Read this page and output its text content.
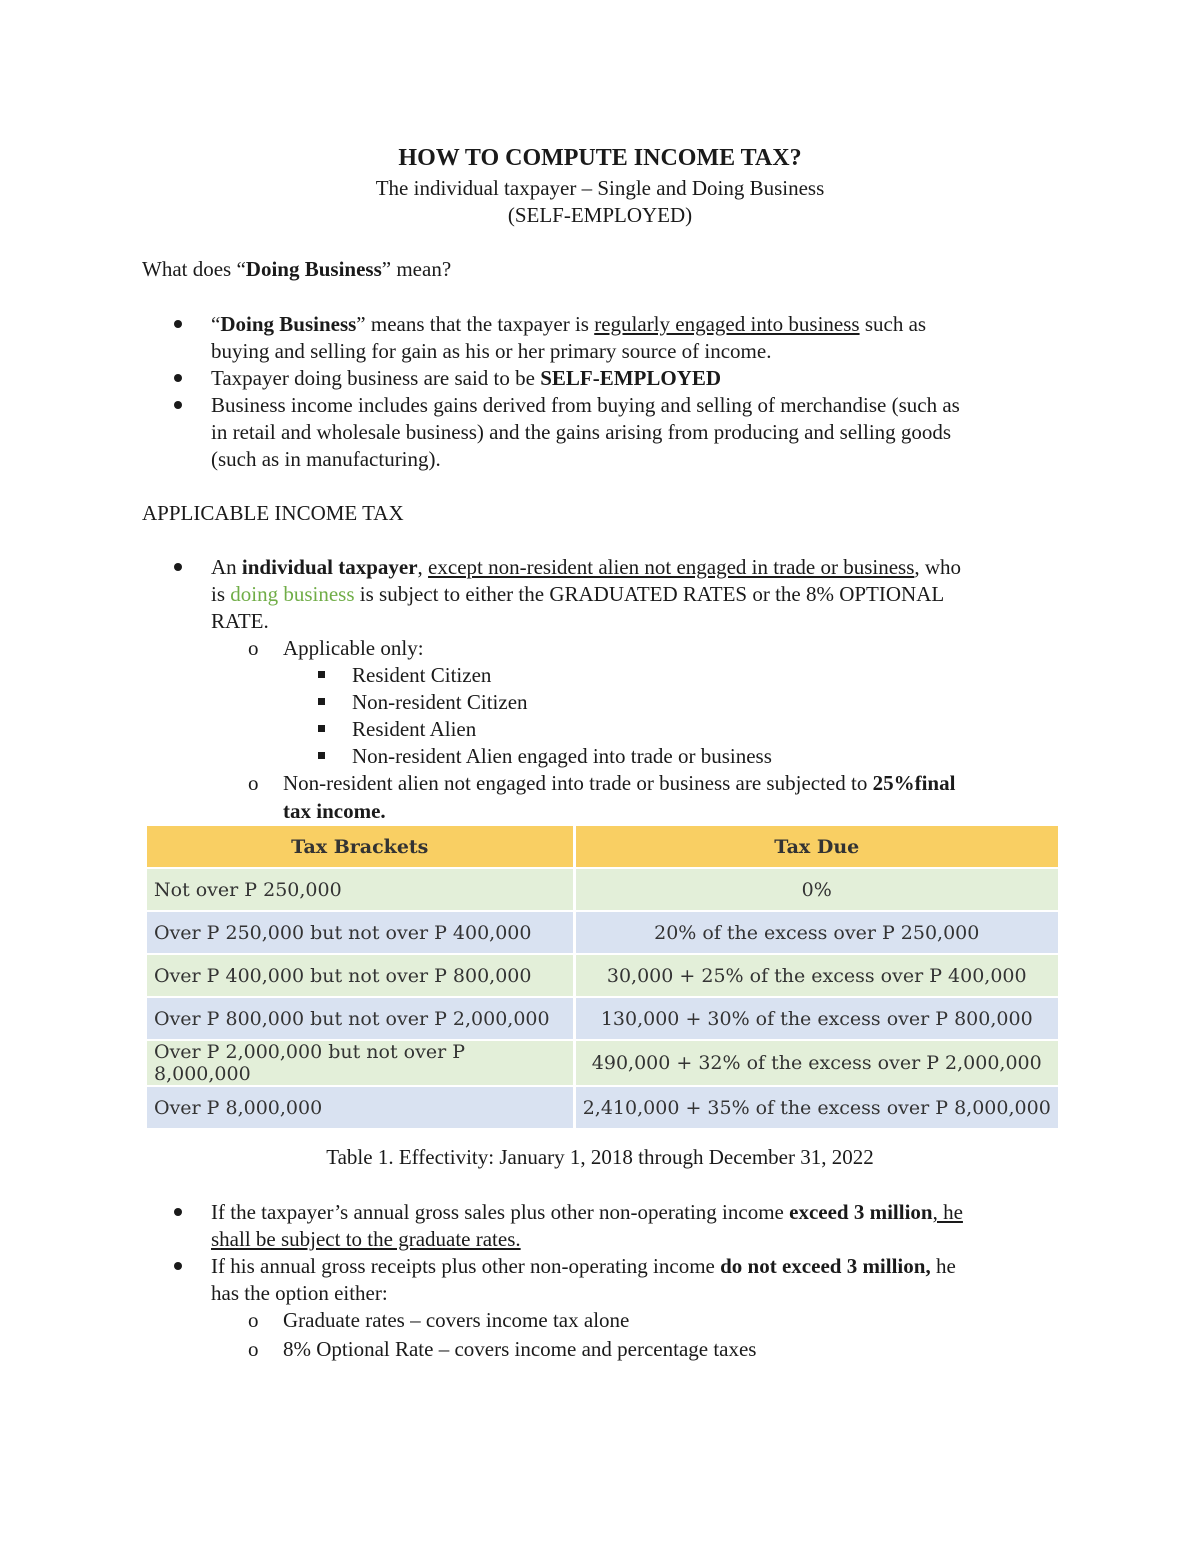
HOW TO COMPUTE INCOME TAX?
The individual taxpayer – Single and Doing Business
(SELF-EMPLOYED)
What does “Doing Business” mean?
“Doing Business” means that the taxpayer is regularly engaged into business such as
buying and selling for gain as his or her primary source of income.
Taxpayer doing business are said to be SELF-EMPLOYED
Business income includes gains derived from buying and selling of merchandise (such as
in retail and wholesale business) and the gains arising from producing and selling goods
(such as in manufacturing).
APPLICABLE INCOME TAX
An individual taxpayer, except non-resident alien not engaged in trade or business, who
is doing business is subject to either the GRADUATED RATES or the 8% OPTIONAL
RATE.
o Applicable only:
Resident Citizen
Non-resident Citizen
Resident Alien
Non-resident Alien engaged into trade or business
o Non-resident alien not engaged into trade or business are subjected to 25%final
tax income.
Tax Brackets	Tax Due
Not over P 250,000	0%
Over P 250,000 but not over P 400,000	20% of the excess over P 250,000
Over P 400,000 but not over P 800,000	30,000 + 25% of the excess over P 400,000
Over P 800,000 but not over P 2,000,000	130,000 + 30% of the excess over P 800,000
Over P 2,000,000 but not over P 8,000,000	490,000 + 32% of the excess over P 2,000,000
Over P 8,000,000	2,410,000 + 35% of the excess over P 8,000,000
Table 1. Effectivity: January 1, 2018 through December 31, 2022
If the taxpayer’s annual gross sales plus other non-operating income exceed 3 million, he
shall be subject to the graduate rates.
If his annual gross receipts plus other non-operating income do not exceed 3 million, he
has the option either:
o Graduate rates – covers income tax alone
o 8% Optional Rate – covers income and percentage taxes
